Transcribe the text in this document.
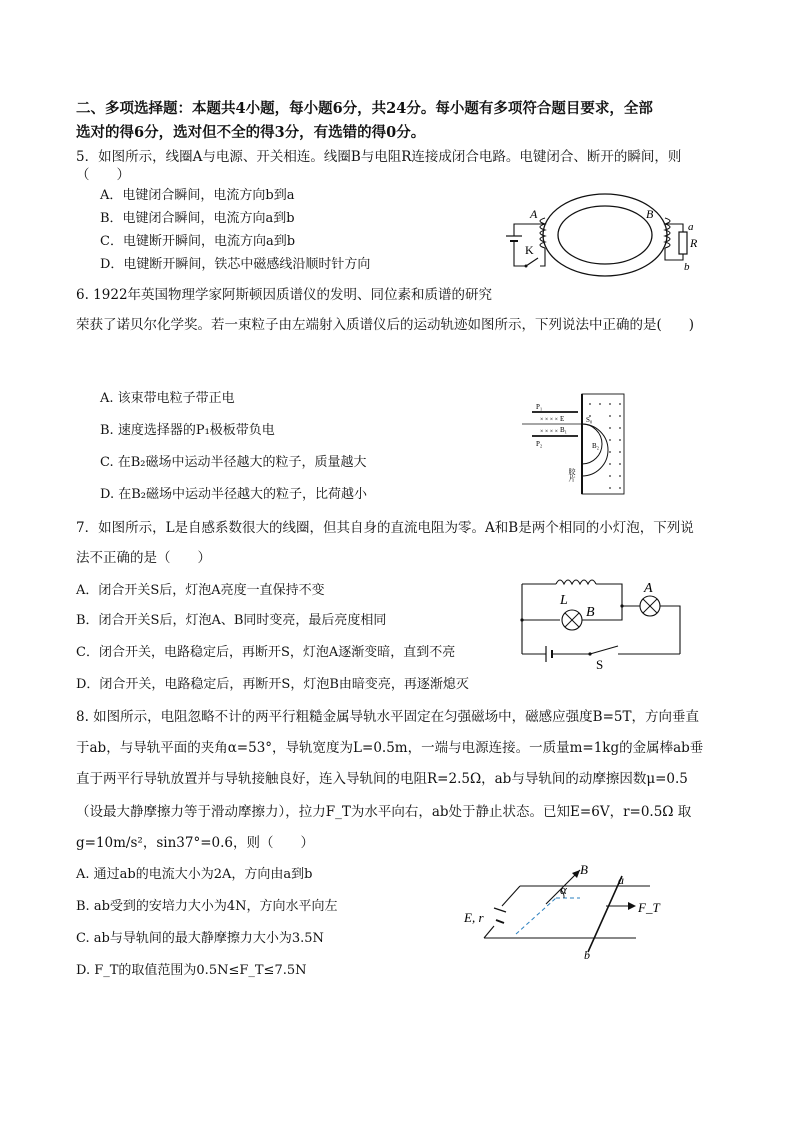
二、多项选择题：本题共4小题，每小题6分，共24分。每小题有多项符合题目要求，全部
选对的得6分，选对但不全的得3分，有选错的得0分。
5．如图所示，线圈A与电源、开关相连。线圈B与电阻R连接成闭合电路。电键闭合、断开的瞬间，则
（　　）
A．电键闭合瞬间，电流方向b到a
B．电键闭合瞬间，电流方向a到b
C．电键断开瞬间，电流方向a到b
D．电键断开瞬间，铁芯中磁感线沿顺时针方向
K
A	B
a
R
b
6. 1922年英国物理学家阿斯顿因质谱仪的发明、同位素和质谱的研究
荣获了诺贝尔化学奖。若一束粒子由左端射入质谱仪后的运动轨迹如图所示，下列说法中正确的是(　　)
A. 该束带电粒子带正电
B. 速度选择器的P₁极板带负电
C. 在B₂磁场中运动半径越大的粒子，质量越大
D. 在B₂磁场中运动半径越大的粒子，比荷越小
× × × ×
× × × ×
P₁
P₂
E
B₁
S₀
B₂
胶片
7．如图所示，L是自感系数很大的线圈，但其自身的直流电阻为零。A和B是两个相同的小灯泡，下列说
法不正确的是（　　）
A．闭合开关S后，灯泡A亮度一直保持不变
B．闭合开关S后，灯泡A、B同时变亮，最后亮度相同
C．闭合开关，电路稳定后，再断开S，灯泡A逐渐变暗，直到不亮
D．闭合开关，电路稳定后，再断开S，灯泡B由暗变亮，再逐渐熄灭
L
B
A
S
8. 如图所示，电阻忽略不计的两平行粗糙金属导轨水平固定在匀强磁场中，磁感应强度B=5T，方向垂直
于ab，与导轨平面的夹角α=53°，导轨宽度为L=0.5m，一端与电源连接。一质量m=1kg的金属棒ab垂
直于两平行导轨放置并与导轨接触良好，连入导轨间的电阻R=2.5Ω，ab与导轨间的动摩擦因数μ=0.5
（设最大静摩擦力等于滑动摩擦力），拉力F_T为水平向右，ab处于静止状态。已知E=6V，r=0.5Ω 取
g=10m/s²，sin37°=0.6，则（　　）
A. 通过ab的电流大小为2A，方向由a到b
B. ab受到的安培力大小为4N，方向水平向左
C. ab与导轨间的最大静摩擦力大小为3.5N
D. F_T的取值范围为0.5N≤F_T≤7.5N
B
α
a
b
E, r
F_T
